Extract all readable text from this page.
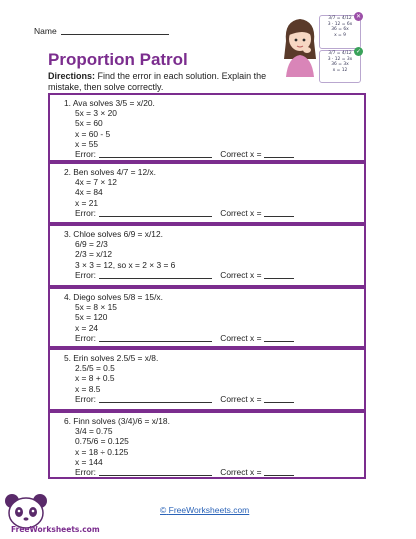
Name
Proportion Patrol
Directions: Find the error in each solution. Explain the mistake, then solve correctly.
3/7 = 4/12
3 · 12 = 6x
36 = 6x
x = 9
✕
3/7 = 4/12
3 · 12 = 3x
36 = 3x
x = 12
✓
1. Ava solves 3/5 = x/20.
5x = 3 × 20
5x = 60
x = 60 - 5
x = 55
Error:	Correct x =
2. Ben solves 4/7 = 12/x.
4x = 7 × 12
4x = 84
x = 21
Error:	Correct x =
3. Chloe solves 6/9 = x/12.
6/9 = 2/3
2/3 = x/12
3 × 3 = 12, so x = 2 × 3 = 6
Error:	Correct x =
4. Diego solves 5/8 = 15/x.
5x = 8 × 15
5x = 120
x = 24
Error:	Correct x =
5. Erin solves 2.5/5 = x/8.
2.5/5 = 0.5
x = 8 + 0.5
x = 8.5
Error:	Correct x =
6. Finn solves (3/4)/6 = x/18.
3/4 = 0.75
0.75/6 = 0.125
x = 18 ÷ 0.125
x = 144
Error:	Correct x =
FreeWorksheets.com
© FreeWorksheets.com
